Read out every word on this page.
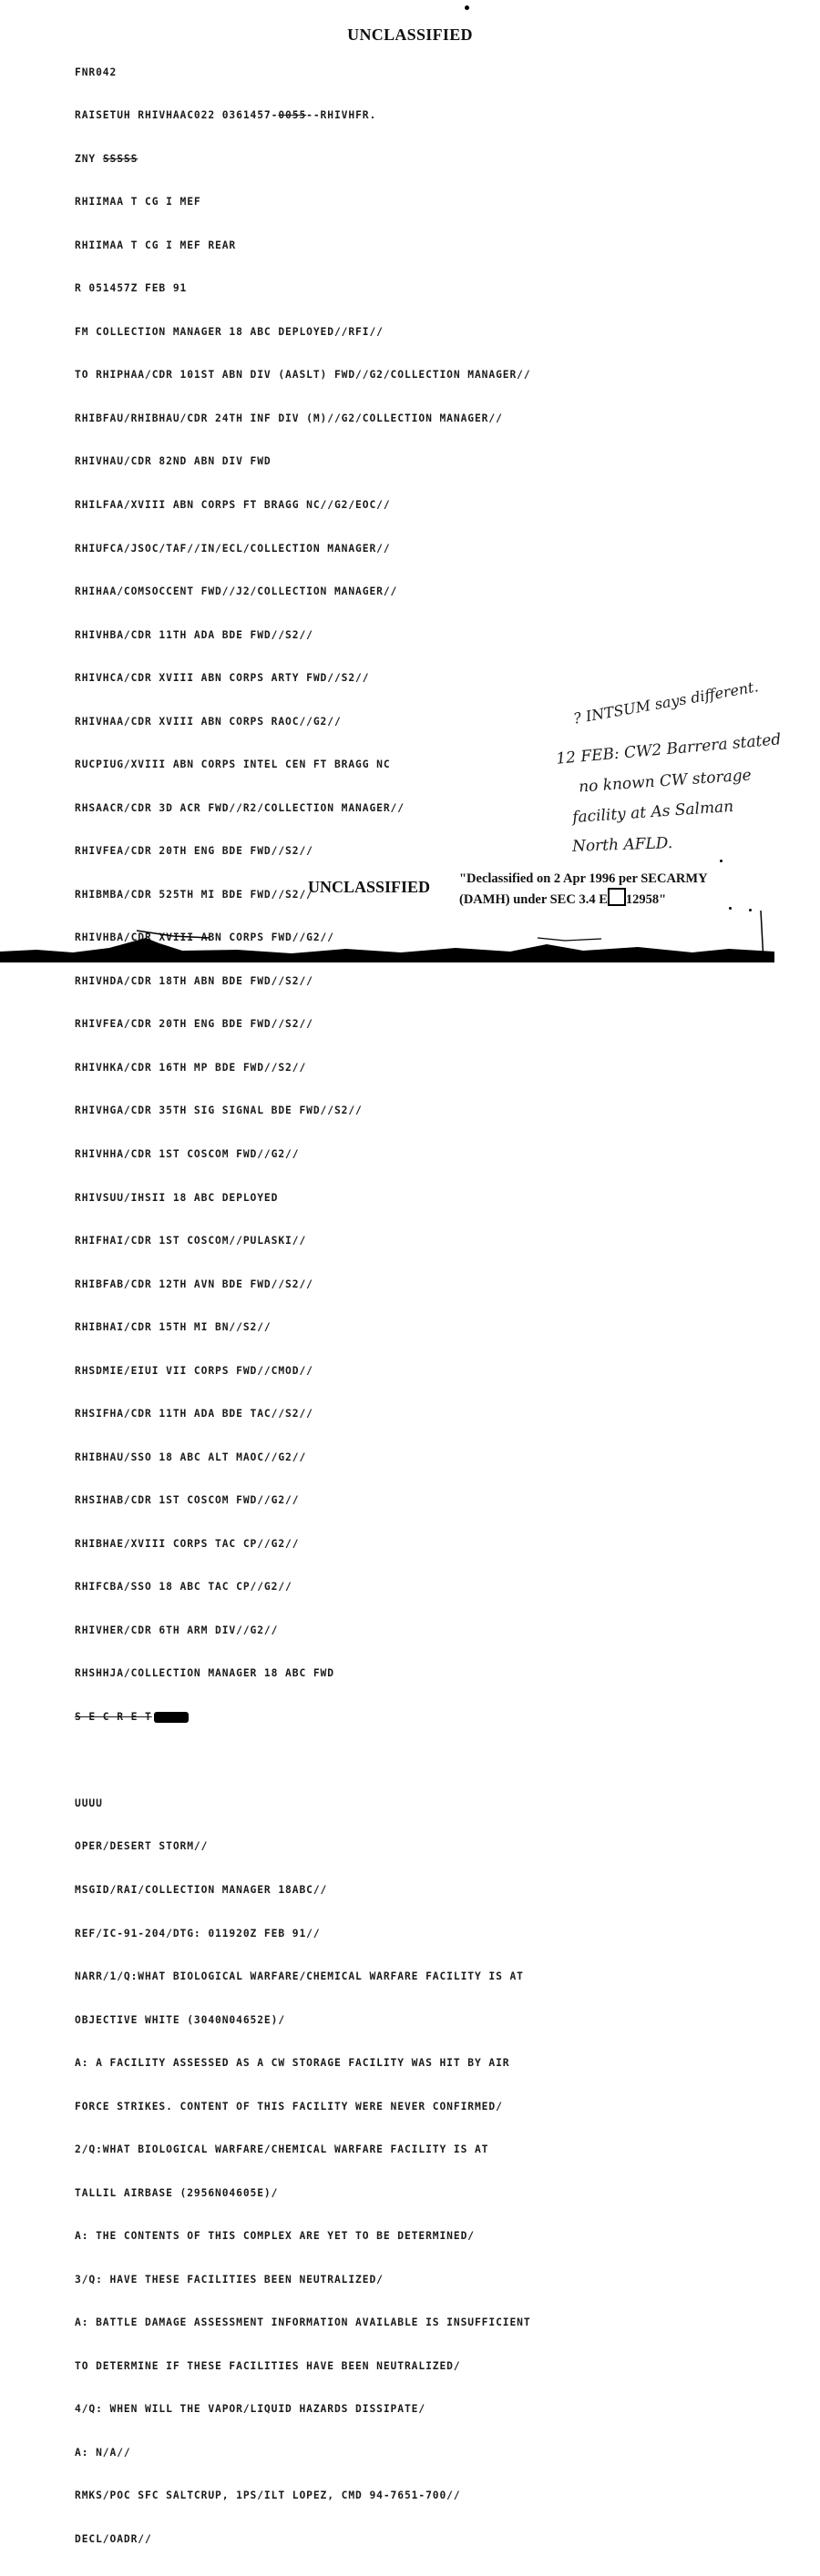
UNCLASSIFIED

FNR042

RAISETUH RHIVHAAC022 0361457-0055--RHIVHFR.

ZNY SSSSS

RHIIMAA T CG I MEF

RHIIMAA T CG I MEF REAR

R 051457Z FEB 91

FM COLLECTION MANAGER 18 ABC DEPLOYED//RFI//

TO RHIPHAA/CDR 101ST ABN DIV (AASLT) FWD//G2/COLLECTION MANAGER//

RHIBFAU/RHIBHAU/CDR 24TH INF DIV (M)//G2/COLLECTION MANAGER//

RHIVHAU/CDR 82ND ABN DIV FWD

RHILFAA/XVIII ABN CORPS FT BRAGG NC//G2/EOC//

RHIUFCA/JSOC/TAF//IN/ECL/COLLECTION MANAGER//

RHIHAA/COMSOCCENT FWD//J2/COLLECTION MANAGER//

RHIVHBA/CDR 11TH ADA BDE FWD//S2//

RHIVHCA/CDR XVIII ABN CORPS ARTY FWD//S2//

RHIVHAA/CDR XVIII ABN CORPS RAOC//G2//

RUCPIUG/XVIII ABN CORPS INTEL CEN FT BRAGG NC

RHSAACR/CDR 3D ACR FWD//R2/COLLECTION MANAGER//

RHIVFEA/CDR 20TH ENG BDE FWD//S2//

RHIBMBA/CDR 525TH MI BDE FWD//S2//

RHIVHBA/CDR XVIII ABN CORPS FWD//G2//

RHIVHDA/CDR 18TH ABN BDE FWD//S2//

RHIVFEA/CDR 20TH ENG BDE FWD//S2//

RHIVHKA/CDR 16TH MP BDE FWD//S2//

RHIVHGA/CDR 35TH SIG SIGNAL BDE FWD//S2//

RHIVHHA/CDR 1ST COSCOM FWD//G2//

RHIVSUU/IHSII 18 ABC DEPLOYED

RHIFHAI/CDR 1ST COSCOM//PULASKI//

RHIBFAB/CDR 12TH AVN BDE FWD//S2//

RHIBHAI/CDR 15TH MI BN//S2//

RHSDMIE/EIUI VII CORPS FWD//CMOD//

RHSIFHA/CDR 11TH ADA BDE TAC//S2//

RHIBHAU/SSO 18 ABC ALT MAOC//G2//

RHSIHAB/CDR 1ST COSCOM FWD//G2//

RHIBHAE/XVIII CORPS TAC CP//G2//

RHIFCBA/SSO 18 ABC TAC CP//G2//

RHIVHER/CDR 6TH ARM DIV//G2//

RHSHHJA/COLLECTION MANAGER 18 ABC FWD

S E C R E T

UUUU

OPER/DESERT STORM//

MSGID/RAI/COLLECTION MANAGER 18ABC//

REF/IC-91-204/DTG: 011920Z FEB 91//

NARR/1/Q:WHAT BIOLOGICAL WARFARE/CHEMICAL WARFARE FACILITY IS AT

OBJECTIVE WHITE (3040N04652E)/

A: A FACILITY ASSESSED AS A CW STORAGE FACILITY WAS HIT BY AIR

FORCE STRIKES. CONTENT OF THIS FACILITY WERE NEVER CONFIRMED/

2/Q:WHAT BIOLOGICAL WARFARE/CHEMICAL WARFARE FACILITY IS AT

TALLIL AIRBASE (2956N04605E)/

A: THE CONTENTS OF THIS COMPLEX ARE YET TO BE DETERMINED/

3/Q: HAVE THESE FACILITIES BEEN NEUTRALIZED/

A: BATTLE DAMAGE ASSESSMENT INFORMATION AVAILABLE IS INSUFFICIENT

TO DETERMINE IF THESE FACILITIES HAVE BEEN NEUTRALIZED/

4/Q: WHEN WILL THE VAPOR/LIQUID HAZARDS DISSIPATE/

A: N/A//

RMKS/POC SFC SALTCRUP, 1PS/ILT LOPEZ, CMD 94-7651-700//

DECL/OADR//

? INTSUM says different.
12 FEB: CW2 Barrera stated
no known CW storage
facility at As Salman
North AFLD.
UNCLASSIFIED "Declassified on 2 Apr 1996 per SECARMY
(DAMH) under SEC 3.4 E 12958"
